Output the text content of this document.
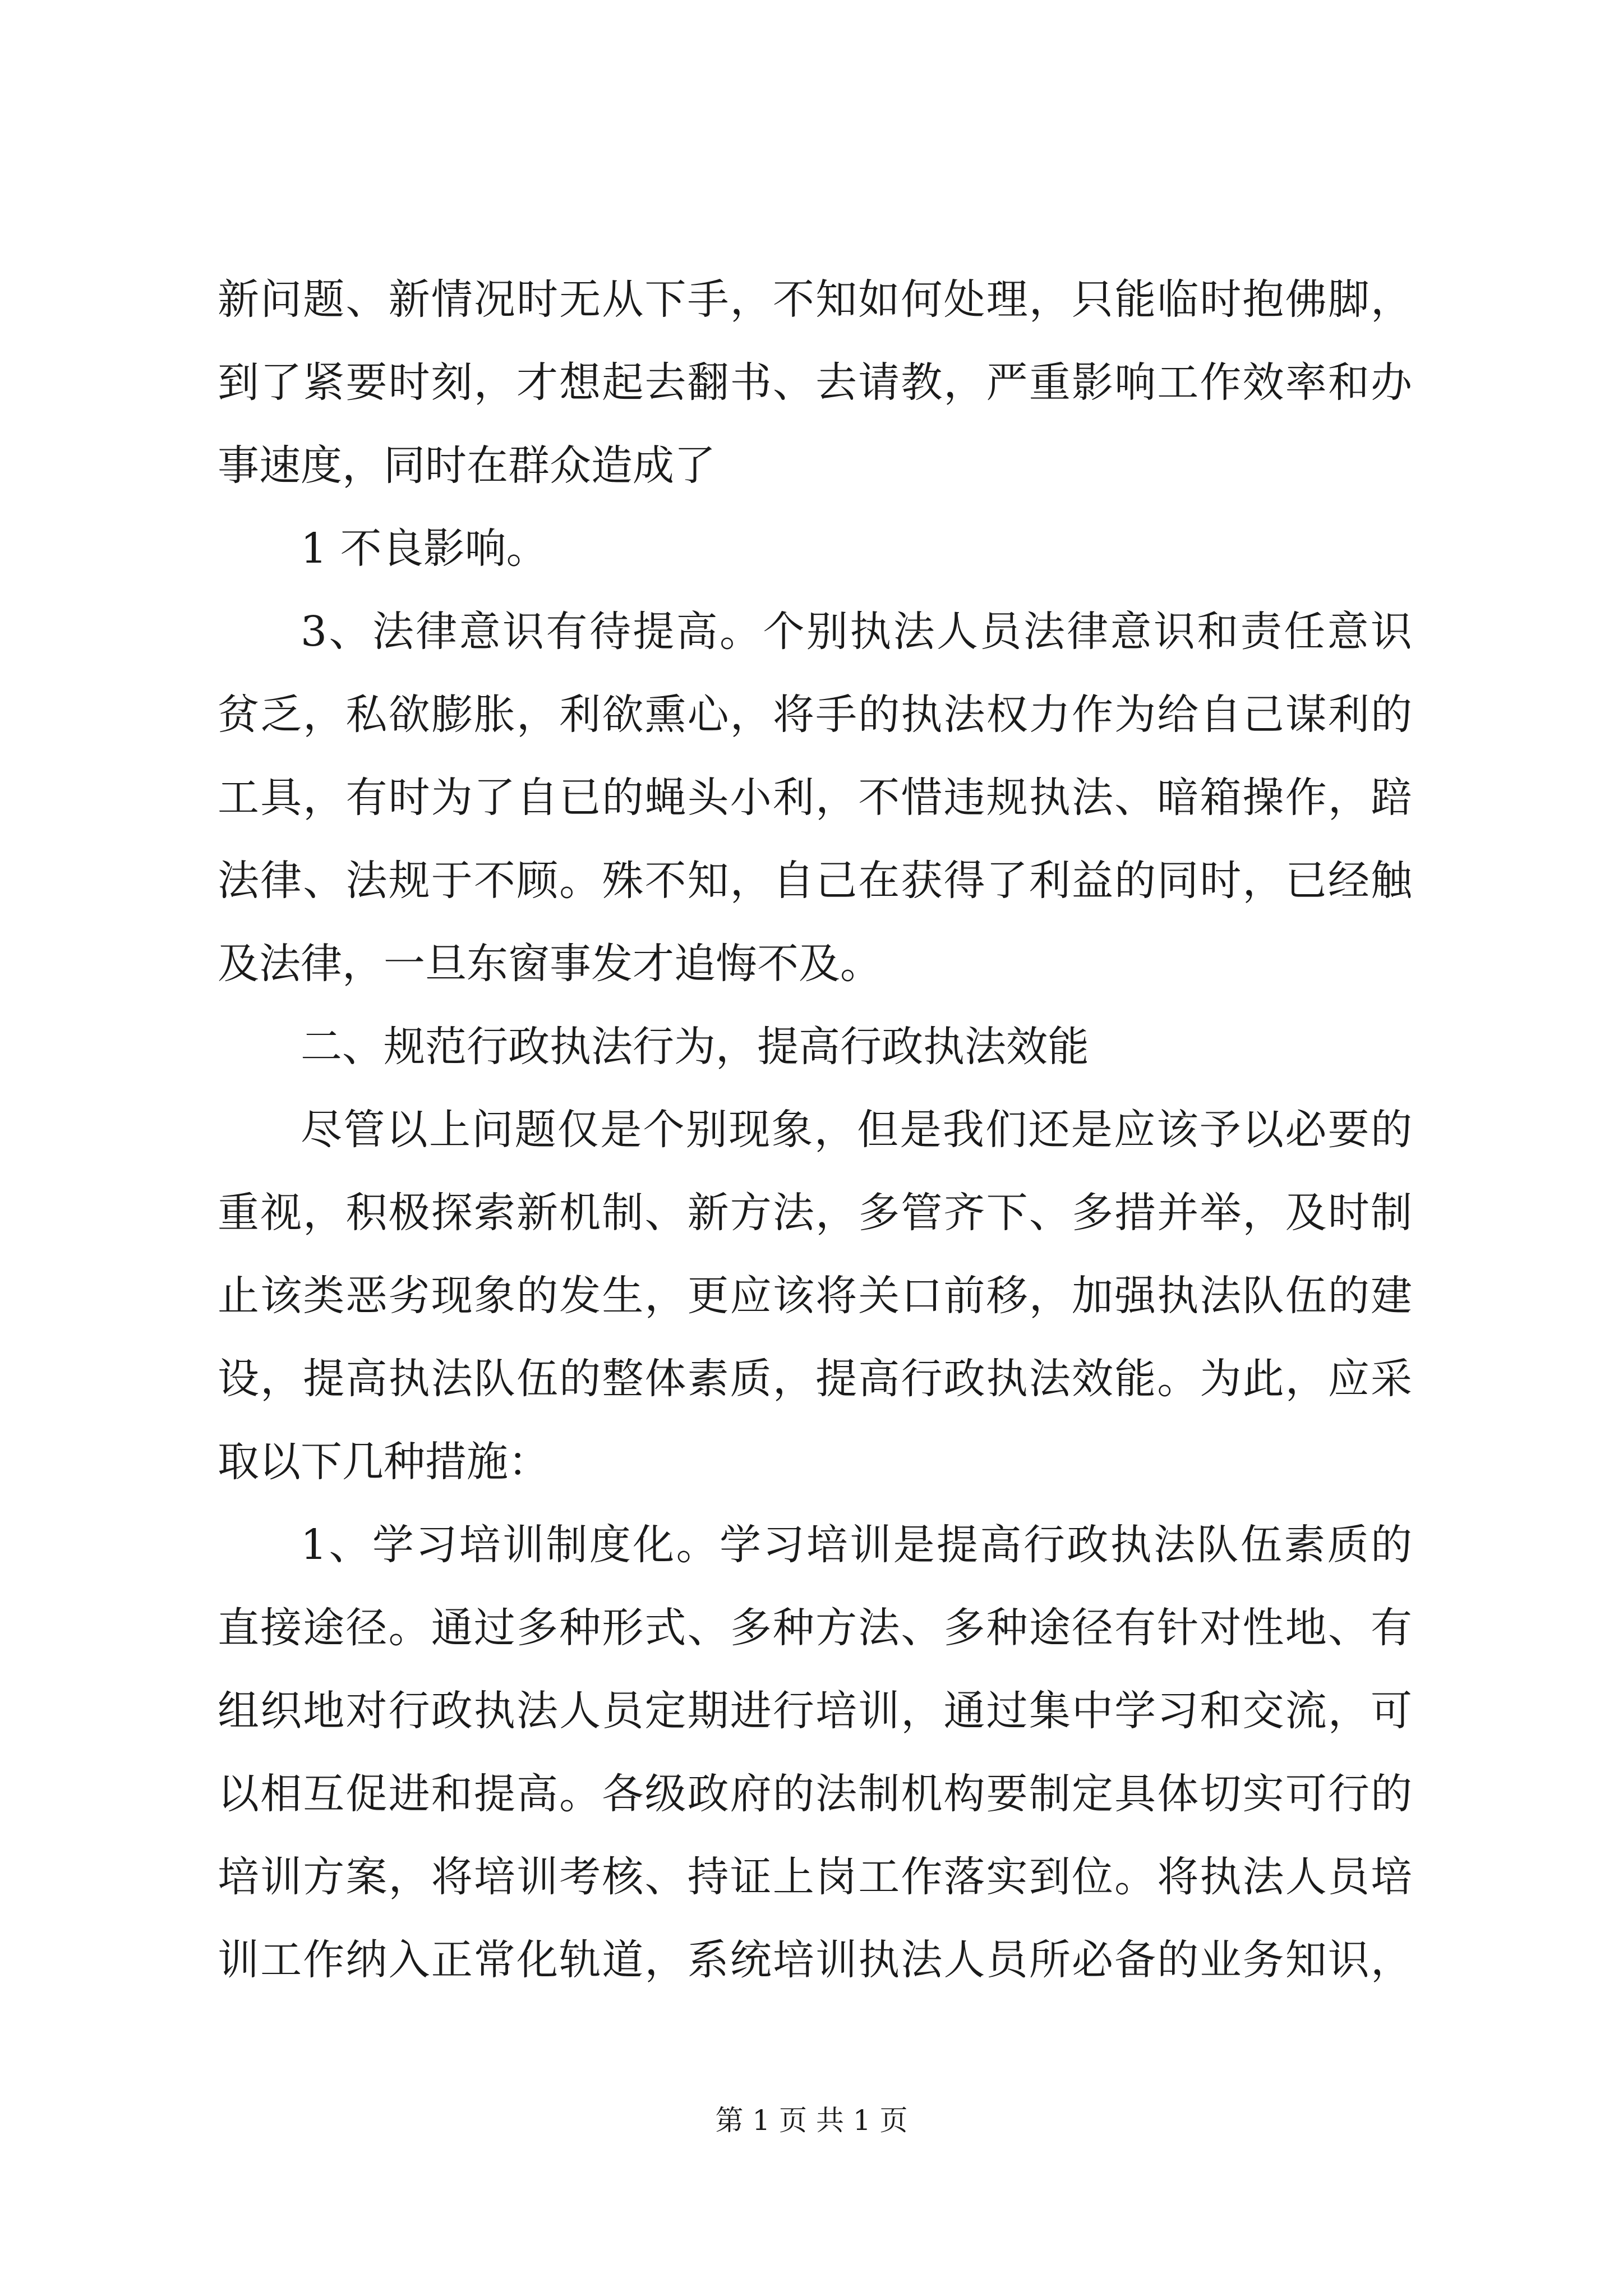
新问题、新情况时无从下手，不知如何处理，只能临时抱佛脚，
到了紧要时刻，才想起去翻书、去请教，严重影响工作效率和办
事速度，同时在群众造成了
1 不良影响。
3、法律意识有待提高。个别执法人员法律意识和责任意识
贫乏，私欲膨胀，利欲熏心，将手的执法权力作为给自己谋利的
工具，有时为了自已的蝇头小利，不惜违规执法、暗箱操作，踣
法律、法规于不顾。殊不知，自己在获得了利益的同时，已经触
及法律，一旦东窗事发才追悔不及。
二、规范行政执法行为，提高行政执法效能
尽管以上问题仅是个别现象，但是我们还是应该予以必要的
重视，积极探索新机制、新方法，多管齐下、多措并举，及时制
止该类恶劣现象的发生，更应该将关口前移，加强执法队伍的建
设，提高执法队伍的整体素质，提高行政执法效能。为此，应采
取以下几种措施：
1、学习培训制度化。学习培训是提高行政执法队伍素质的
直接途径。通过多种形式、多种方法、多种途径有针对性地、有
组织地对行政执法人员定期进行培训，通过集中学习和交流，可
以相互促进和提高。各级政府的法制机构要制定具体切实可行的
培训方案，将培训考核、持证上岗工作落实到位。将执法人员培
训工作纳入正常化轨道，系统培训执法人员所必备的业务知识，
第 1 页 共 1 页
